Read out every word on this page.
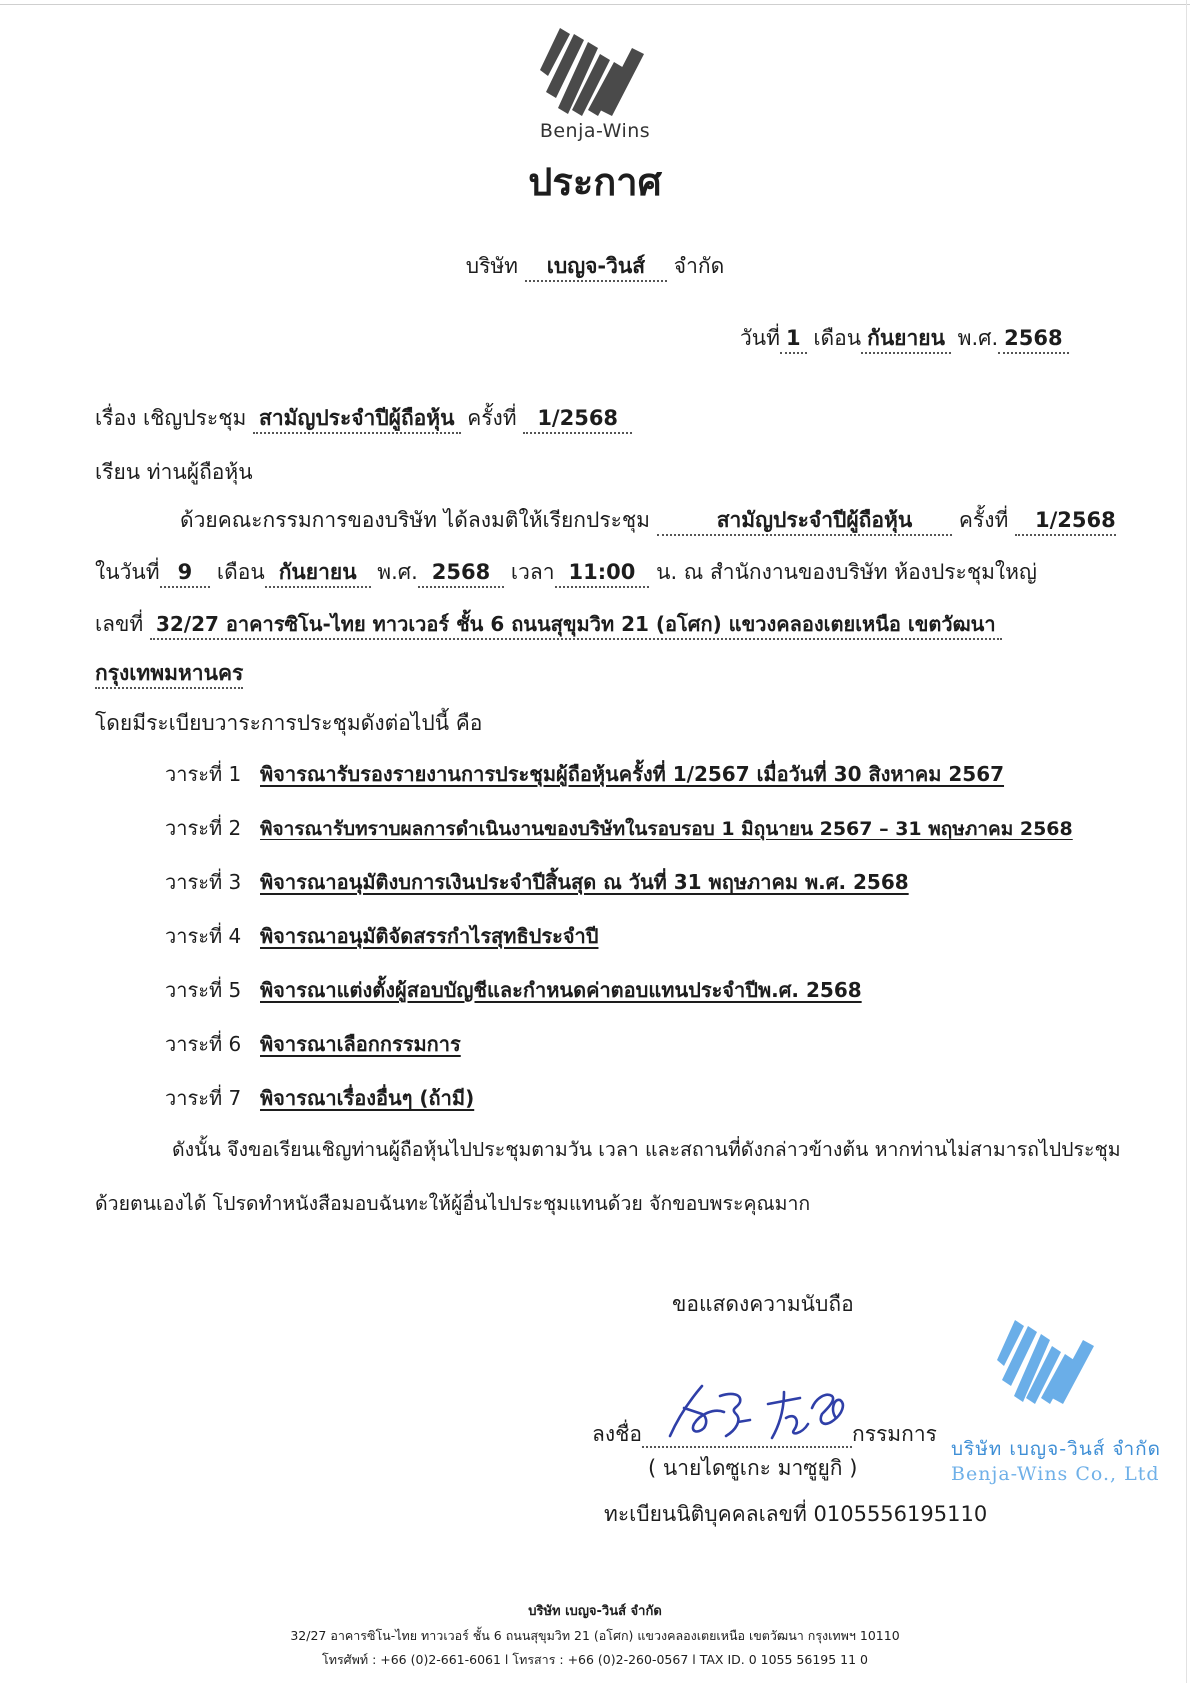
Benja-Wins
ประกาศ
บริษัท เบญจ-วินส์ จำกัด
วันที่ 1 เดือน กันยายน พ.ศ. 2568
เรื่อง เชิญประชุม สามัญประจำปีผู้ถือหุ้น ครั้งที่ 1/2568
เรียน ท่านผู้ถือหุ้น
ด้วยคณะกรรมการของบริษัท ได้ลงมติให้เรียกประชุม	สามัญประจำปีผู้ถือหุ้น ครั้งที่ 1/2568
ในวันที่ 9 เดือน กันยายน พ.ศ. 2568 เวลา 11:00 น. ณ สำนักงานของบริษัท ห้องประชุมใหญ่
เลขที่ 32/27 อาคารซิโน-ไทย ทาวเวอร์ ชั้น 6 ถนนสุขุมวิท 21 (อโศก) แขวงคลองเตยเหนือ เขตวัฒนา
กรุงเทพมหานคร
โดยมีระเบียบวาระการประชุมดังต่อไปนี้ คือ
วาระที่ 1 พิจารณารับรองรายงานการประชุมผู้ถือหุ้นครั้งที่ 1/2567 เมื่อวันที่ 30 สิงหาคม 2567
วาระที่ 2 พิจารณารับทราบผลการดำเนินงานของบริษัทในรอบรอบ 1 มิถุนายน 2567 – 31 พฤษภาคม 2568
วาระที่ 3 พิจารณาอนุมัติงบการเงินประจำปีสิ้นสุด ณ วันที่ 31 พฤษภาคม พ.ศ. 2568
วาระที่ 4 พิจารณาอนุมัติจัดสรรกำไรสุทธิประจำปี
วาระที่ 5 พิจารณาแต่งตั้งผู้สอบบัญชีและกำหนดค่าตอบแทนประจำปีพ.ศ. 2568
วาระที่ 6 พิจารณาเลือกกรรมการ
วาระที่ 7 พิจารณาเรื่องอื่นๆ (ถ้ามี)
ดังนั้น จึงขอเรียนเชิญท่านผู้ถือหุ้นไปประชุมตามวัน เวลา และสถานที่ดังกล่าวข้างต้น หากท่านไม่สามารถไปประชุม
ด้วยตนเองได้ โปรดทำหนังสือมอบฉันทะให้ผู้อื่นไปประชุมแทนด้วย จักขอบพระคุณมาก
ขอแสดงความนับถือ
ลงชื่อ	กรรมการ
( นายไดซูเกะ มาซูยูกิ )
ทะเบียนนิติบุคคลเลขที่ 0105556195110
บริษัท เบญจ-วินส์ จำกัด
Benja-Wins Co., Ltd
บริษัท เบญจ-วินส์ จำกัด
32/27 อาคารซิโน-ไทย ทาวเวอร์ ชั้น 6 ถนนสุขุมวิท 21 (อโศก) แขวงคลองเตยเหนือ เขตวัฒนา กรุงเทพฯ 10110
โทรศัพท์ : +66 (0)2-661-6061 l โทรสาร : +66 (0)2-260-0567 l TAX ID. 0 1055 56195 11 0
